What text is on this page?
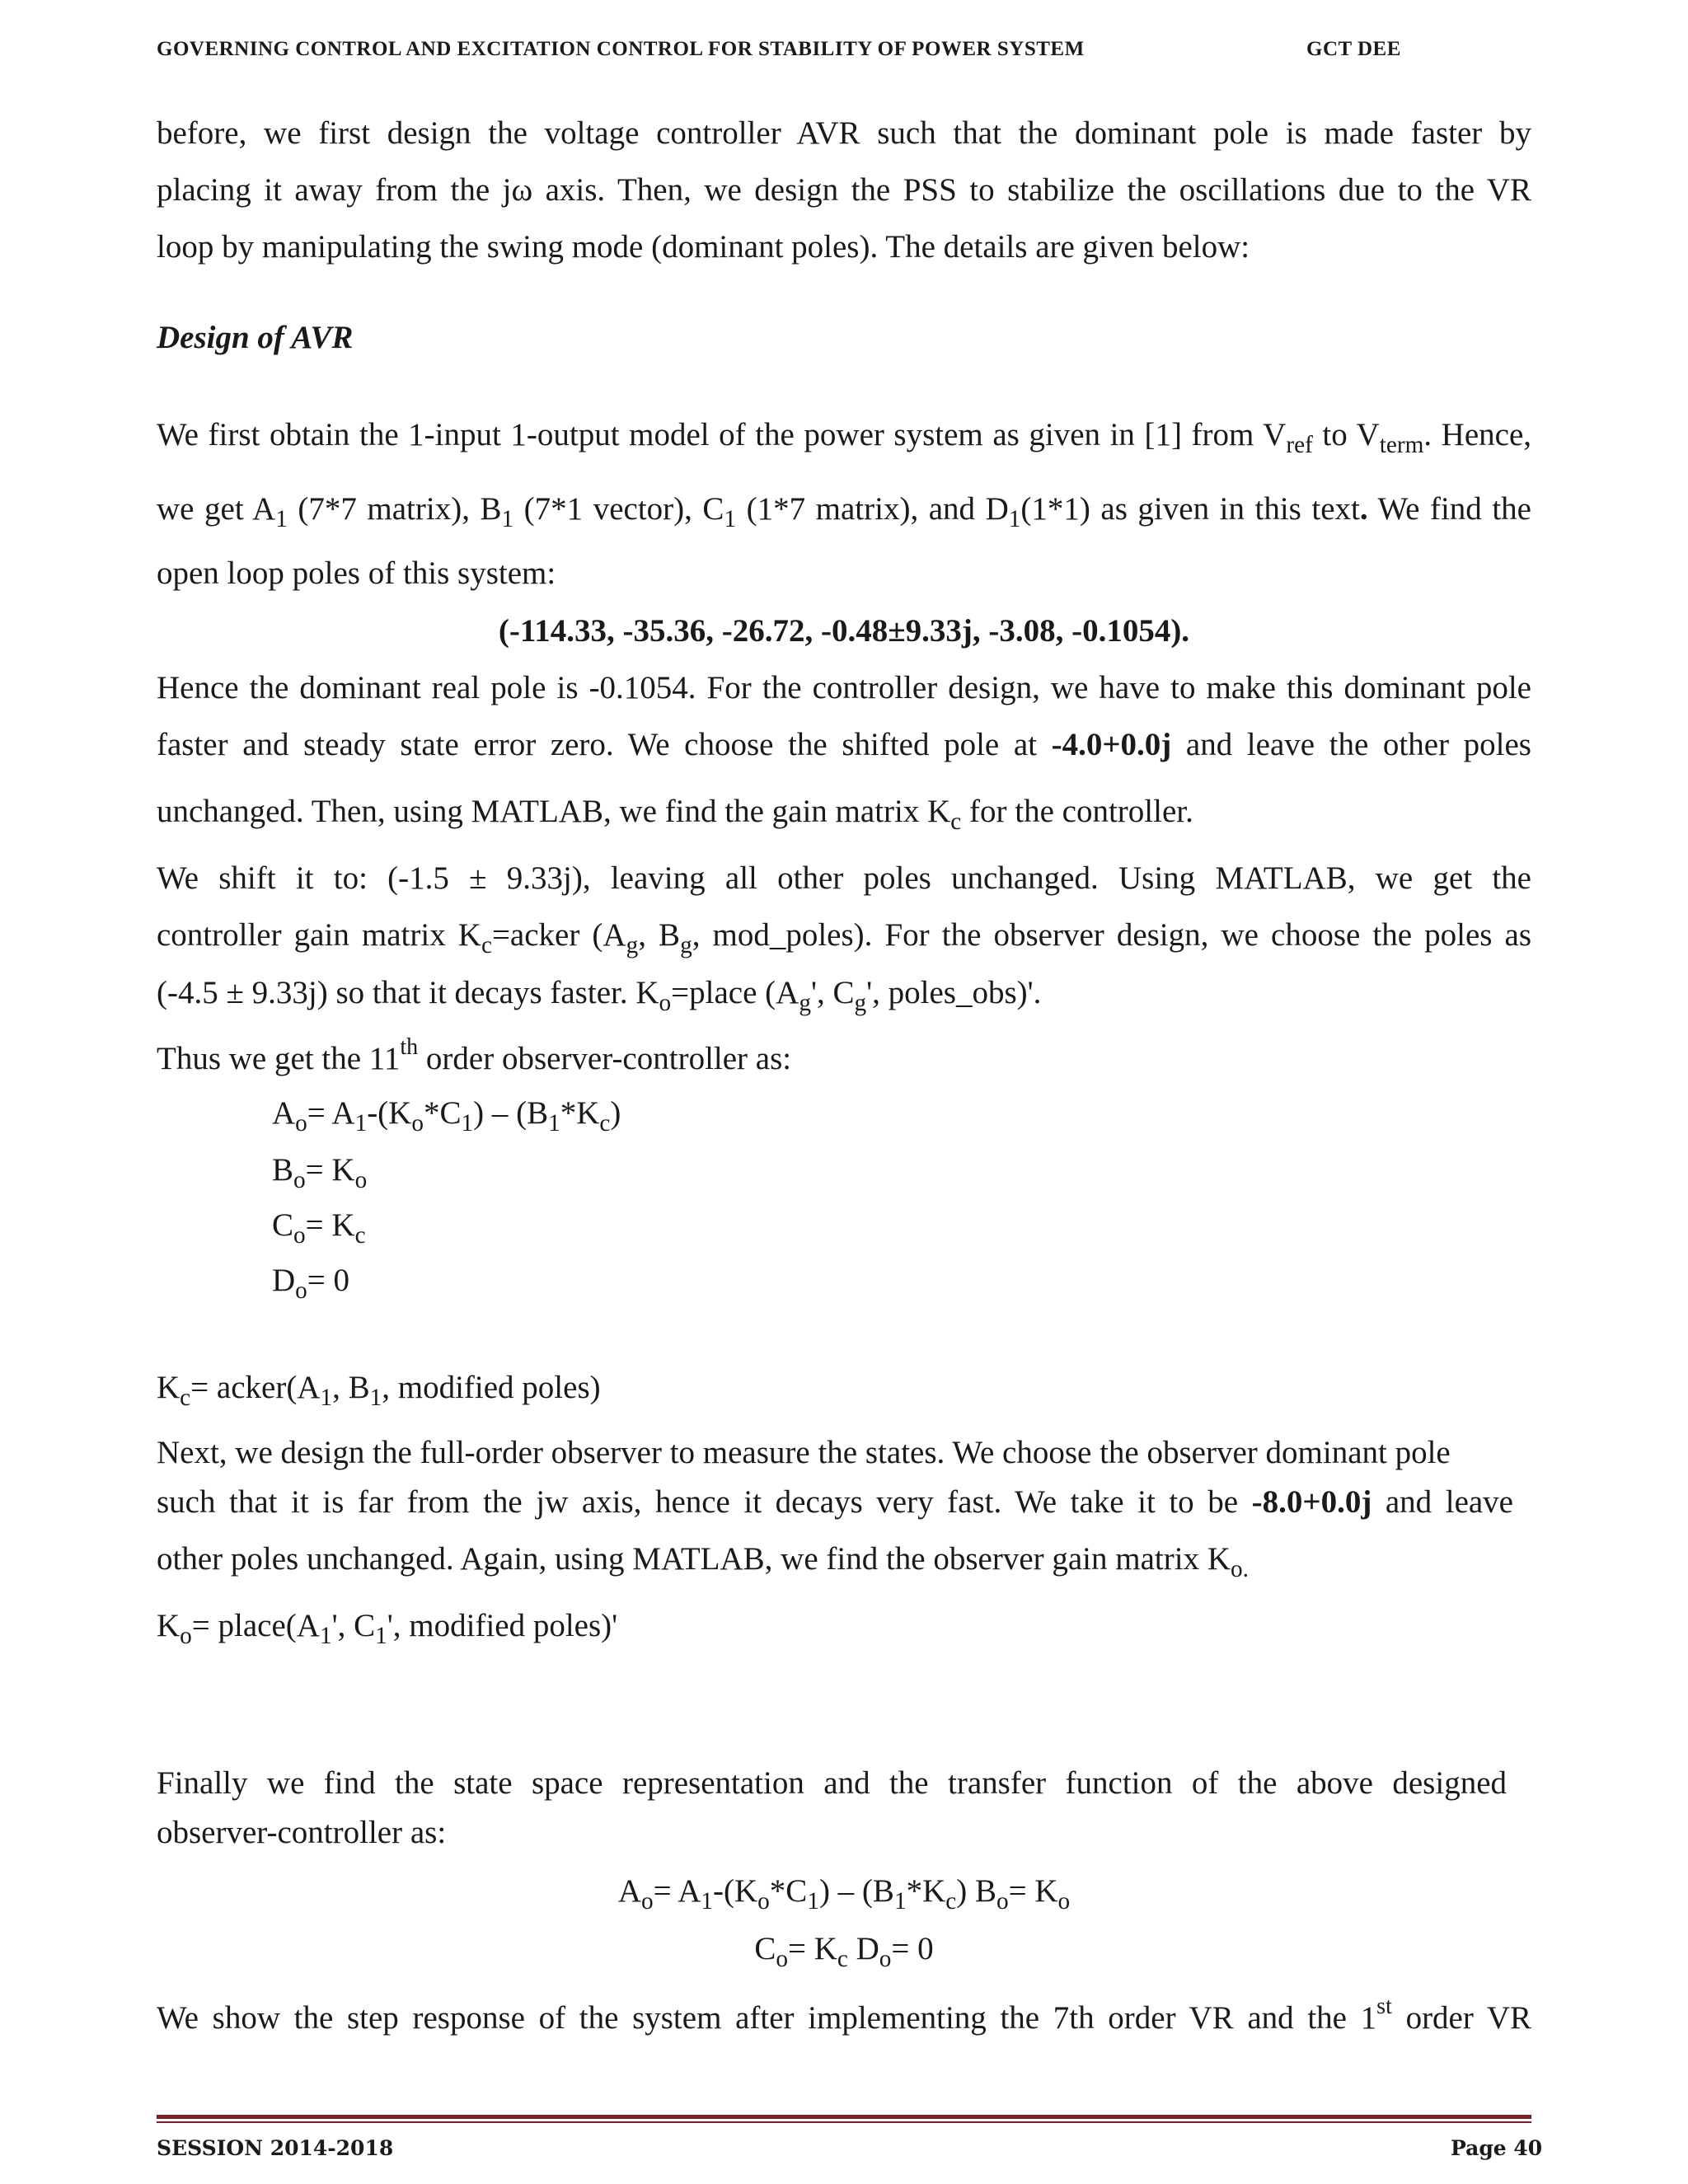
GOVERNING CONTROL AND EXCITATION CONTROL FOR STABILITY OF POWER SYSTEM	GCT DEE
before, we first design the voltage controller AVR such that the dominant pole is made faster by
placing it away from the jω axis. Then, we design the PSS to stabilize the oscillations due to the VR
loop by manipulating the swing mode (dominant poles). The details are given below:
Design of AVR
We first obtain the 1-input 1-output model of the power system as given in [1] from $V_{ref}$ to $V_{term}$. Hence,
we get $A_1$ (7*7 matrix), $B_1$ (7*1 vector), $C_1$ (1*7 matrix), and $D_1(1*1)$ as given in this text. We find the
open loop poles of this system:
(-114.33, -35.36, -26.72, -0.48±9.33j, -3.08, -0.1054).
Hence the dominant real pole is -0.1054. For the controller design, we have to make this dominant pole
faster and steady state error zero. We choose the shifted pole at -4.0+0.0j and leave the other poles
unchanged. Then, using MATLAB, we find the gain matrix $K_c$ for the controller.
We shift it to: (-1.5 ± 9.33j), leaving all other poles unchanged. Using MATLAB, we get the
controller gain matrix $K_c=acker$ ($A_g$, $B_g$, mod_poles). For the observer design, we choose the poles as
(-4.5 ± 9.33j) so that it decays faster. $K_o=place$ ($A_g'$, $C_g'$, poles_obs)'.
Thus we get the 11th order observer-controller as:
$A_o= A_1-(K_o*C_1) - (B_1*K_c)$
$B_o= K_o$
$C_o= K_c$
$D_o= 0$
$K_c=$ $acker(A_1$, $B_1$, modified poles)
Next, we design the full-order observer to measure the states. We choose the observer dominant pole
such that it is far from the jw axis, hence it decays very fast. We take it to be -8.0+0.0j and leave
other poles unchanged. Again, using MATLAB, we find the observer gain matrix $K_{o.}$
$K_o=$ $place(A_1'$, $C_1'$, modified poles)'
Finally we find the state space representation and the transfer function of the above designed
observer-controller as:
$A_o= A_1-(K_o*C_1) - (B_1*K_c)$ $B_o= K_o$
$C_o= K_c$ $D_o= 0$
We show the step response of the system after implementing the 7th order VR and the 1st order VR
SESSION 2014-2018	Page 40
